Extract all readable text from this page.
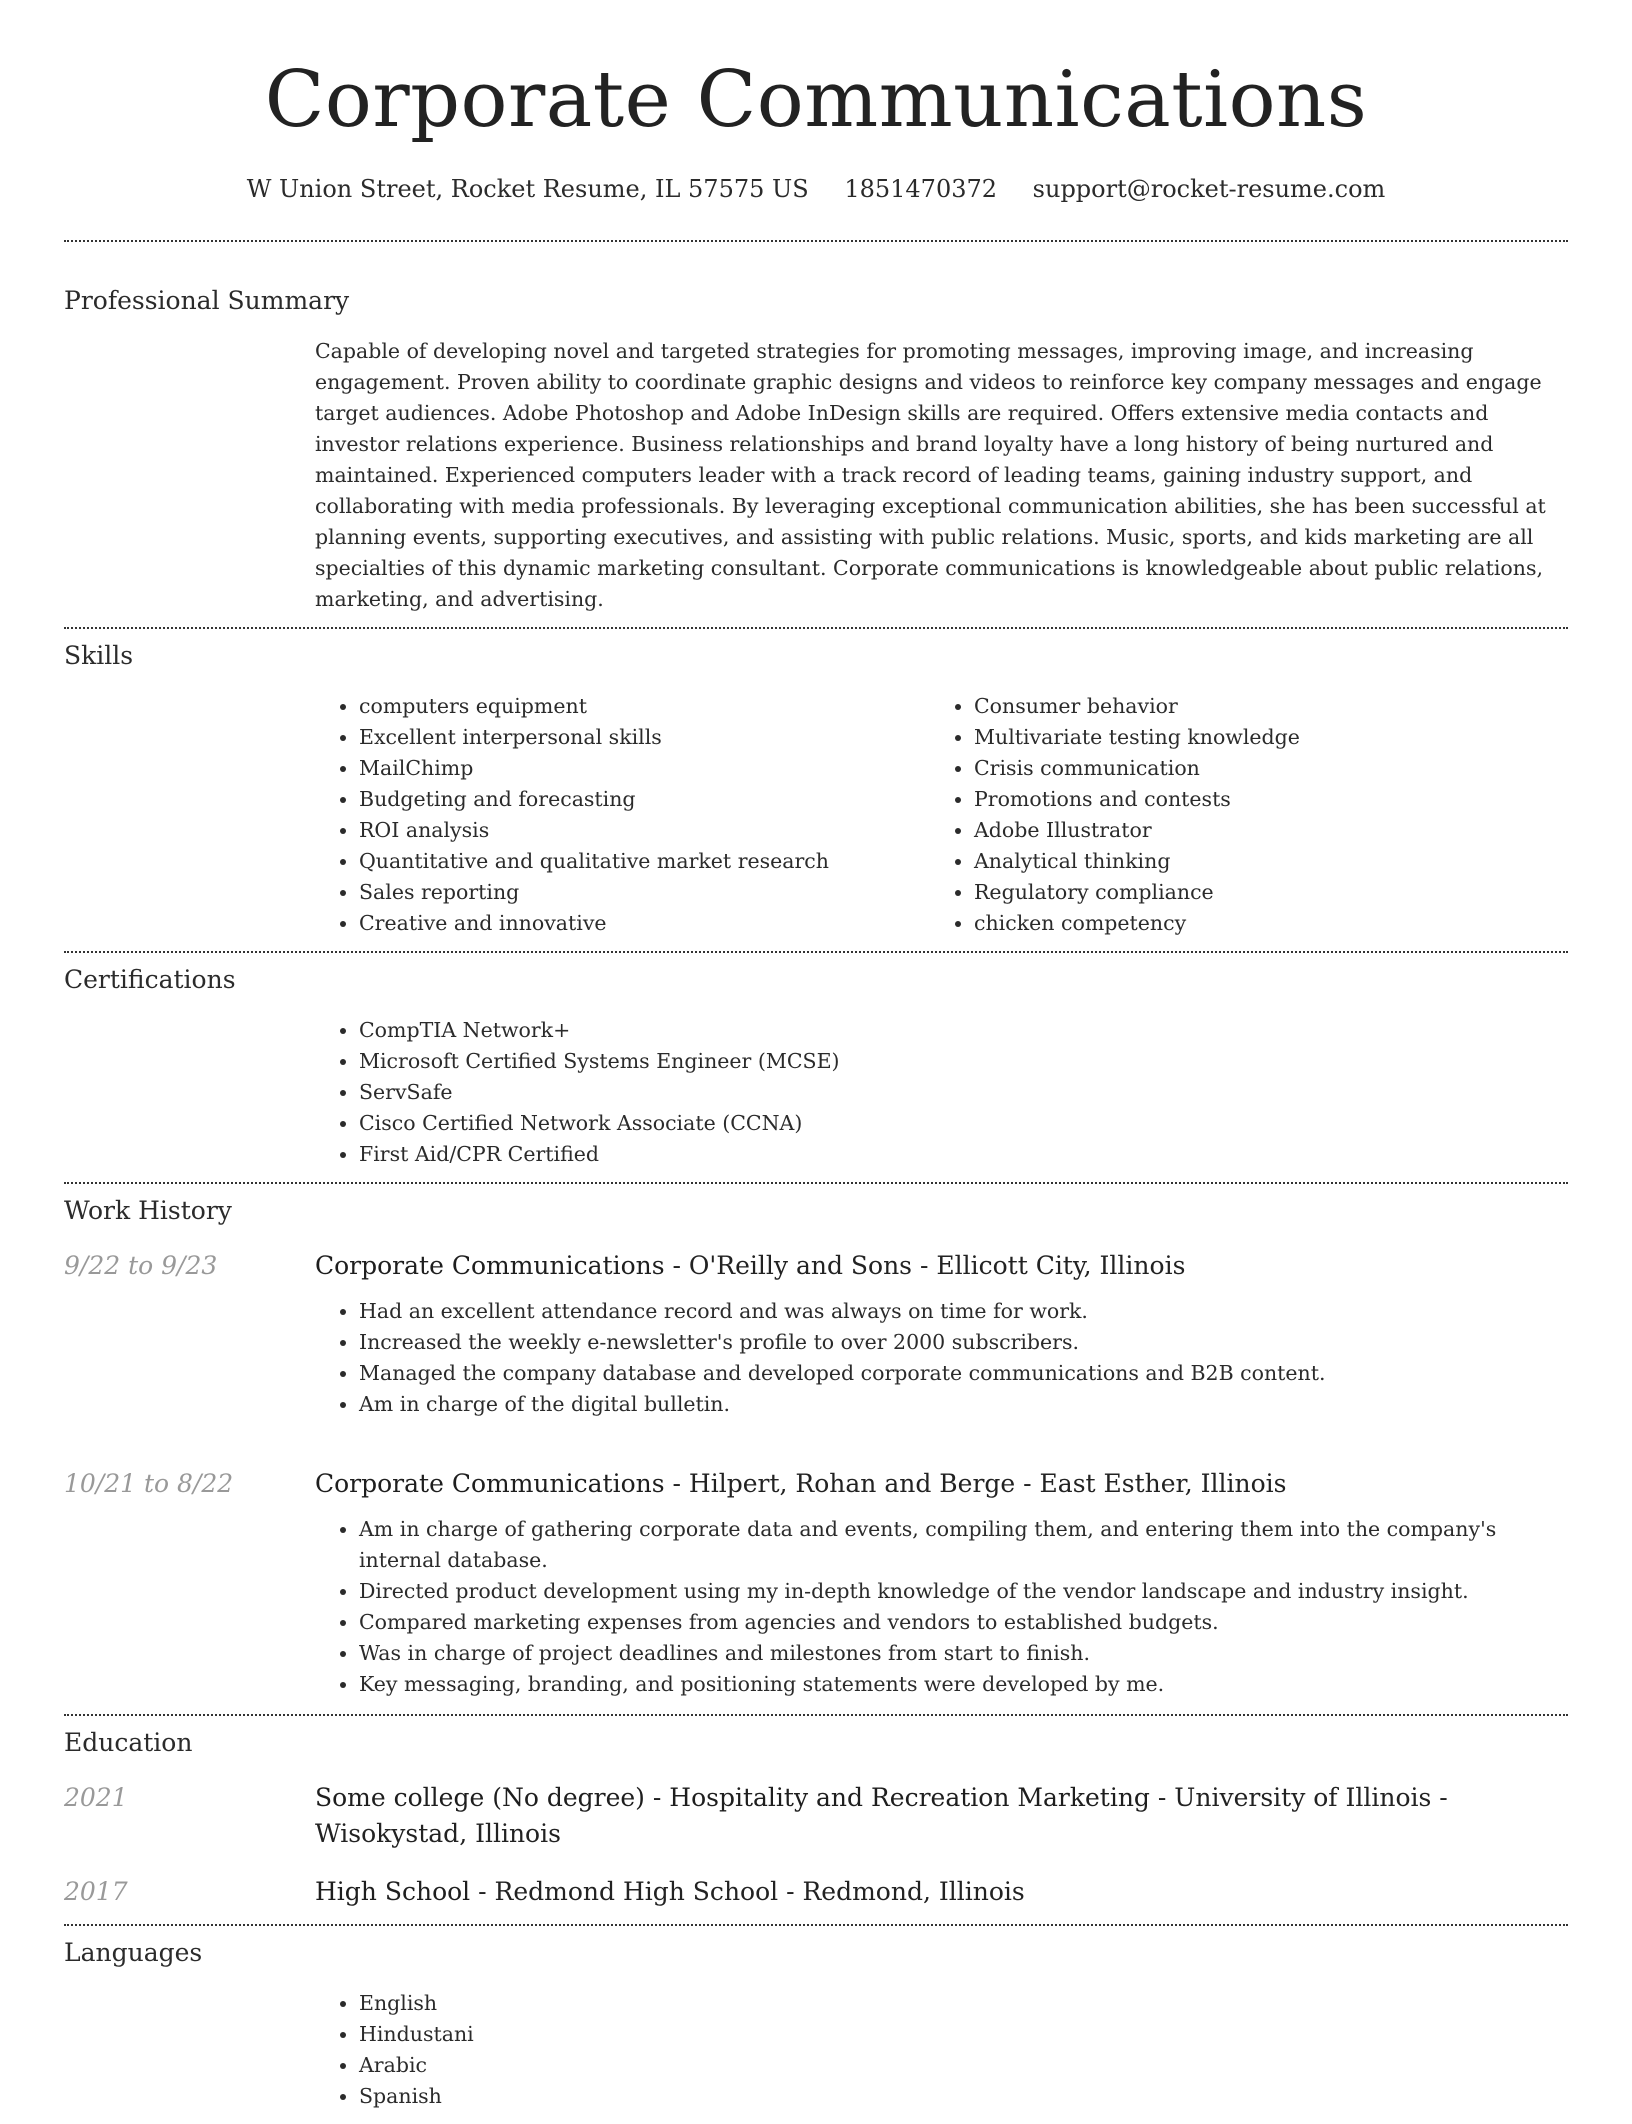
Corporate Communications
W Union Street, Rocket Resume, IL 57575 US 1851470372 support@rocket-resume.com
Professional Summary
Capable of developing novel and targeted strategies for promoting messages, improving image, and increasing engagement. Proven ability to coordinate graphic designs and videos to reinforce key company messages and engage target audiences. Adobe Photoshop and Adobe InDesign skills are required. Offers extensive media contacts and investor relations experience. Business relationships and brand loyalty have a long history of being nurtured and maintained. Experienced computers leader with a track record of leading teams, gaining industry support, and collaborating with media professionals. By leveraging exceptional communication abilities, she has been successful at planning events, supporting executives, and assisting with public relations. Music, sports, and kids marketing are all specialties of this dynamic marketing consultant. Corporate communications is knowledgeable about public relations, marketing, and advertising.
Skills
• computers equipment
• Excellent interpersonal skills
• MailChimp
• Budgeting and forecasting
• ROI analysis
• Quantitative and qualitative market research
• Sales reporting
• Creative and innovative
• Consumer behavior
• Multivariate testing knowledge
• Crisis communication
• Promotions and contests
• Adobe Illustrator
• Analytical thinking
• Regulatory compliance
• chicken competency
Certifications
• CompTIA Network+
• Microsoft Certified Systems Engineer (MCSE)
• ServSafe
• Cisco Certified Network Associate (CCNA)
• First Aid/CPR Certified
Work History
9/22 to 9/23	Corporate Communications - O'Reilly and Sons - Ellicott City, Illinois
• Had an excellent attendance record and was always on time for work.
• Increased the weekly e-newsletter's profile to over 2000 subscribers.
• Managed the company database and developed corporate communications and B2B content.
• Am in charge of the digital bulletin.
10/21 to 8/22	Corporate Communications - Hilpert, Rohan and Berge - East Esther, Illinois
• Am in charge of gathering corporate data and events, compiling them, and entering them into the company's internal database.
• Directed product development using my in-depth knowledge of the vendor landscape and industry insight.
• Compared marketing expenses from agencies and vendors to established budgets.
• Was in charge of project deadlines and milestones from start to finish.
• Key messaging, branding, and positioning statements were developed by me.
Education
2021	Some college (No degree) - Hospitality and Recreation Marketing - University of Illinois - Wisokystad, Illinois
2017	High School - Redmond High School - Redmond, Illinois
Languages
• English
• Hindustani
• Arabic
• Spanish
